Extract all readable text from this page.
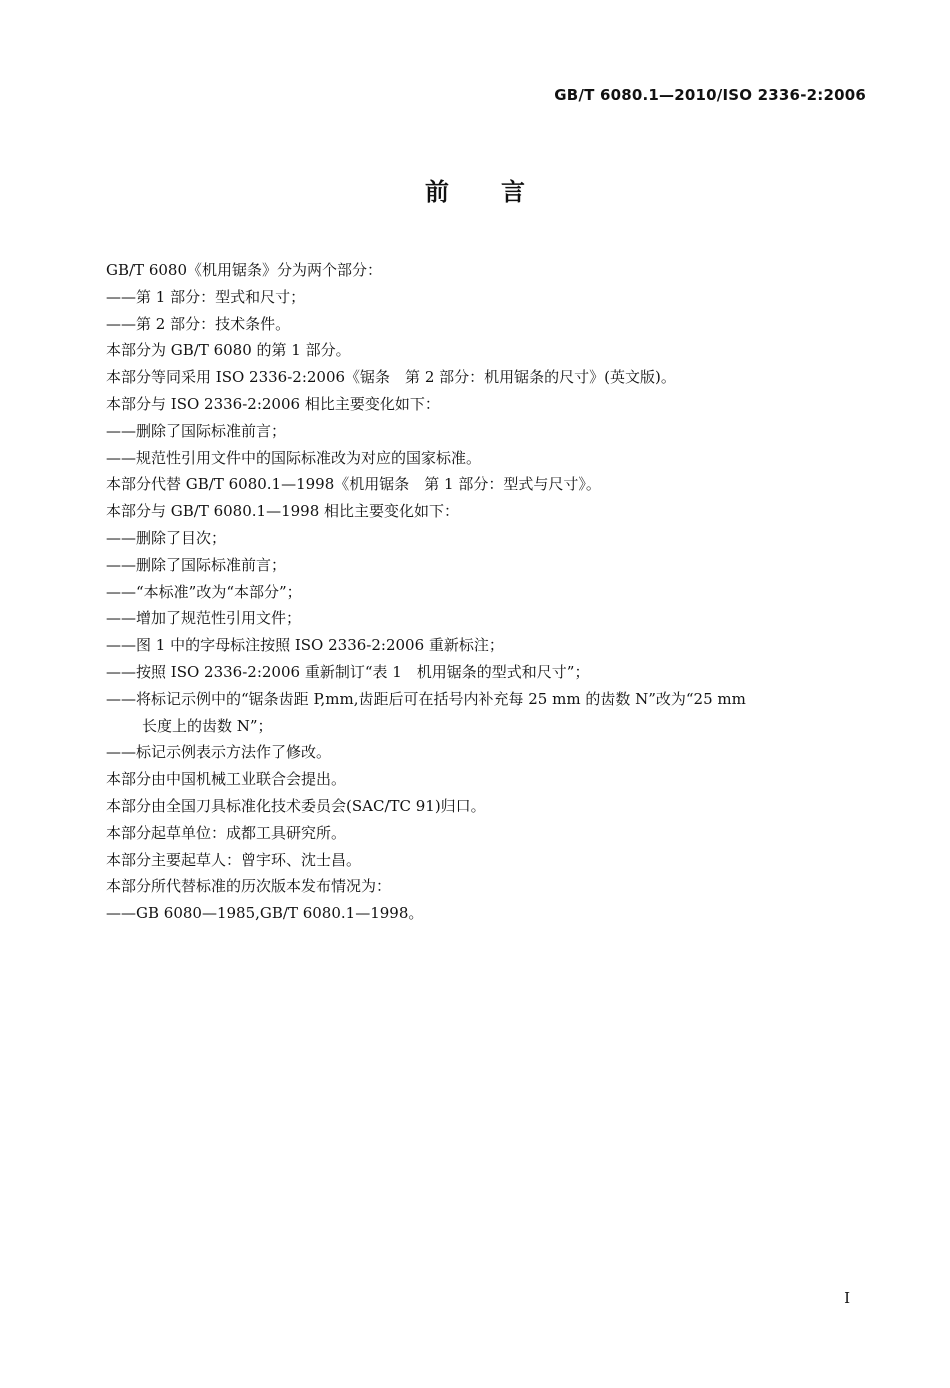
GB/T 6080.1—2010/ISO 2336-2:2006
前言
GB/T 6080《机用锯条》分为两个部分：
——第 1 部分：型式和尺寸；
——第 2 部分：技术条件。
本部分为 GB/T 6080 的第 1 部分。
本部分等同采用 ISO 2336-2:2006《锯条　第 2 部分：机用锯条的尺寸》(英文版)。
本部分与 ISO 2336-2:2006 相比主要变化如下：
——删除了国际标准前言；
——规范性引用文件中的国际标准改为对应的国家标准。
本部分代替 GB/T 6080.1—1998《机用锯条　第 1 部分：型式与尺寸》。
本部分与 GB/T 6080.1—1998 相比主要变化如下：
——删除了目次；
——删除了国际标准前言；
——“本标准”改为“本部分”；
——增加了规范性引用文件；
——图 1 中的字母标注按照 ISO 2336-2:2006 重新标注；
——按照 ISO 2336-2:2006 重新制订“表 1　机用锯条的型式和尺寸”；
——将标记示例中的“锯条齿距 P,mm,齿距后可在括号内补充每 25 mm 的齿数 N”改为“25 mm
长度上的齿数 N”；
——标记示例表示方法作了修改。
本部分由中国机械工业联合会提出。
本部分由全国刀具标准化技术委员会(SAC/TC 91)归口。
本部分起草单位：成都工具研究所。
本部分主要起草人：曾宇环、沈士昌。
本部分所代替标准的历次版本发布情况为：
——GB 6080—1985,GB/T 6080.1—1998。
I
